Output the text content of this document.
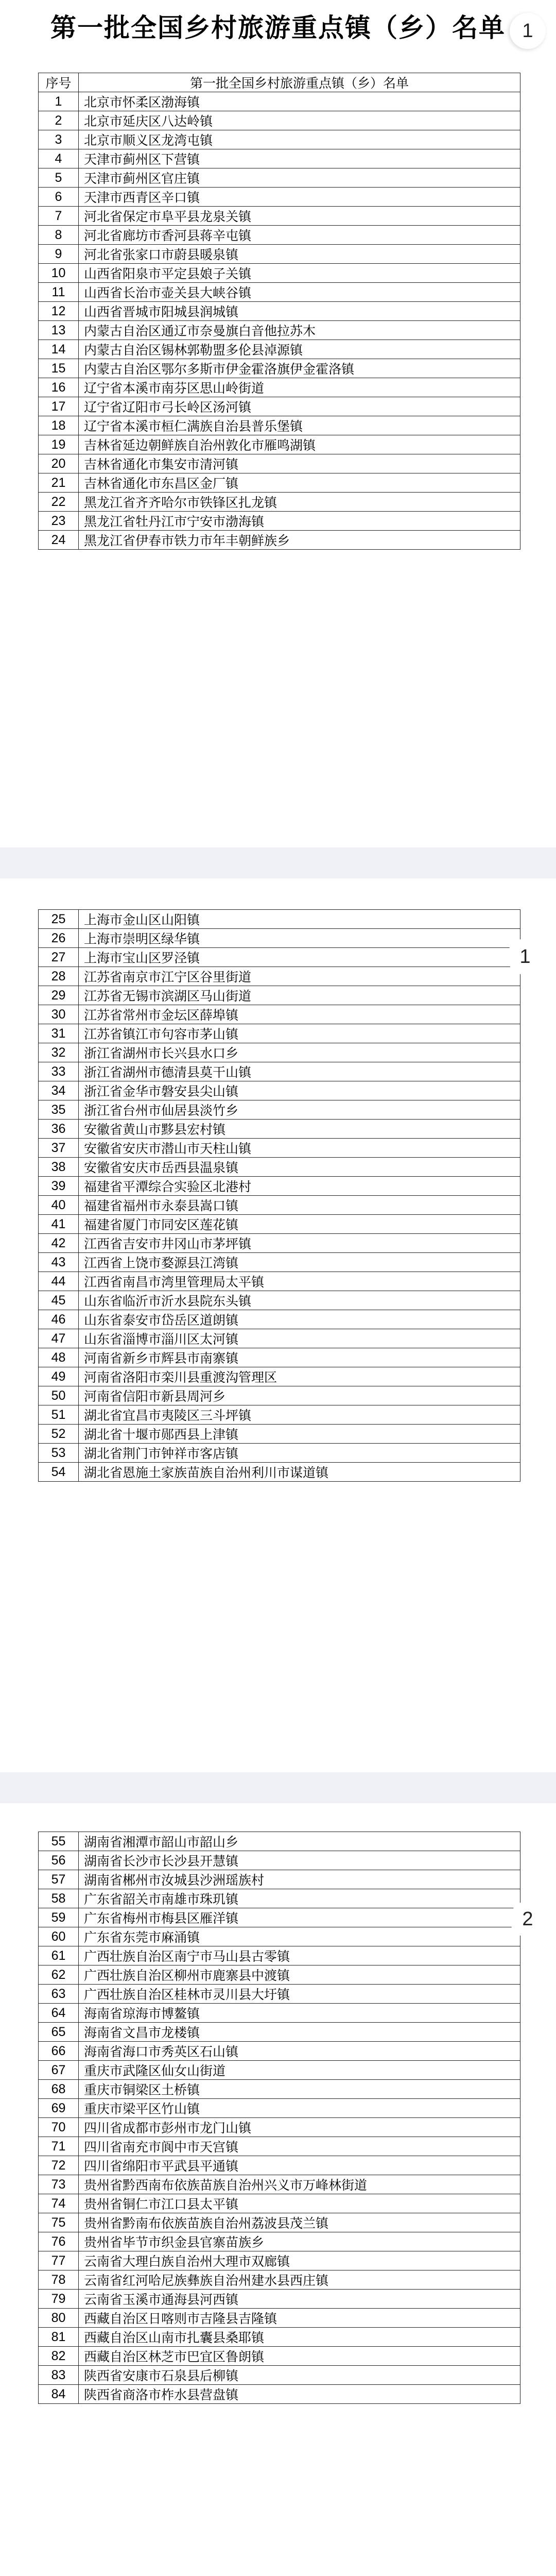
第一批全国乡村旅游重点镇（乡）名单
序号	第一批全国乡村旅游重点镇（乡）名单
1	北京市怀柔区渤海镇
2	北京市延庆区八达岭镇
3	北京市顺义区龙湾屯镇
4	天津市蓟州区下营镇
5	天津市蓟州区官庄镇
6	天津市西青区辛口镇
7	河北省保定市阜平县龙泉关镇
8	河北省廊坊市香河县蒋辛屯镇
9	河北省张家口市蔚县暖泉镇
10	山西省阳泉市平定县娘子关镇
11	山西省长治市壶关县大峡谷镇
12	山西省晋城市阳城县润城镇
13	内蒙古自治区通辽市奈曼旗白音他拉苏木
14	内蒙古自治区锡林郭勒盟多伦县淖源镇
15	内蒙古自治区鄂尔多斯市伊金霍洛旗伊金霍洛镇
16	辽宁省本溪市南芬区思山岭街道
17	辽宁省辽阳市弓长岭区汤河镇
18	辽宁省本溪市桓仁满族自治县普乐堡镇
19	吉林省延边朝鲜族自治州敦化市雁鸣湖镇
20	吉林省通化市集安市清河镇
21	吉林省通化市东昌区金厂镇
22	黑龙江省齐齐哈尔市铁锋区扎龙镇
23	黑龙江省牡丹江市宁安市渤海镇
24	黑龙江省伊春市铁力市年丰朝鲜族乡
1
25	上海市金山区山阳镇
26	上海市崇明区绿华镇
27	上海市宝山区罗泾镇
28	江苏省南京市江宁区谷里街道
29	江苏省无锡市滨湖区马山街道
30	江苏省常州市金坛区薛埠镇
31	江苏省镇江市句容市茅山镇
32	浙江省湖州市长兴县水口乡
33	浙江省湖州市德清县莫干山镇
34	浙江省金华市磐安县尖山镇
35	浙江省台州市仙居县淡竹乡
36	安徽省黄山市黟县宏村镇
37	安徽省安庆市潜山市天柱山镇
38	安徽省安庆市岳西县温泉镇
39	福建省平潭综合实验区北港村
40	福建省福州市永泰县嵩口镇
41	福建省厦门市同安区莲花镇
42	江西省吉安市井冈山市茅坪镇
43	江西省上饶市婺源县江湾镇
44	江西省南昌市湾里管理局太平镇
45	山东省临沂市沂水县院东头镇
46	山东省泰安市岱岳区道朗镇
47	山东省淄博市淄川区太河镇
48	河南省新乡市辉县市南寨镇
49	河南省洛阳市栾川县重渡沟管理区
50	河南省信阳市新县周河乡
51	湖北省宜昌市夷陵区三斗坪镇
52	湖北省十堰市郧西县上津镇
53	湖北省荆门市钟祥市客店镇
54	湖北省恩施土家族苗族自治州利川市谋道镇
1
55	湖南省湘潭市韶山市韶山乡
56	湖南省长沙市长沙县开慧镇
57	湖南省郴州市汝城县沙洲瑶族村
58	广东省韶关市南雄市珠玑镇
59	广东省梅州市梅县区雁洋镇
60	广东省东莞市麻涌镇
61	广西壮族自治区南宁市马山县古零镇
62	广西壮族自治区柳州市鹿寨县中渡镇
63	广西壮族自治区桂林市灵川县大圩镇
64	海南省琼海市博鳌镇
65	海南省文昌市龙楼镇
66	海南省海口市秀英区石山镇
67	重庆市武隆区仙女山街道
68	重庆市铜梁区土桥镇
69	重庆市梁平区竹山镇
70	四川省成都市彭州市龙门山镇
71	四川省南充市阆中市天宫镇
72	四川省绵阳市平武县平通镇
73	贵州省黔西南布依族苗族自治州兴义市万峰林街道
74	贵州省铜仁市江口县太平镇
75	贵州省黔南布依族苗族自治州荔波县茂兰镇
76	贵州省毕节市织金县官寨苗族乡
77	云南省大理白族自治州大理市双廊镇
78	云南省红河哈尼族彝族自治州建水县西庄镇
79	云南省玉溪市通海县河西镇
80	西藏自治区日喀则市吉隆县吉隆镇
81	西藏自治区山南市扎囊县桑耶镇
82	西藏自治区林芝市巴宜区鲁朗镇
83	陕西省安康市石泉县后柳镇
84	陕西省商洛市柞水县营盘镇
2
